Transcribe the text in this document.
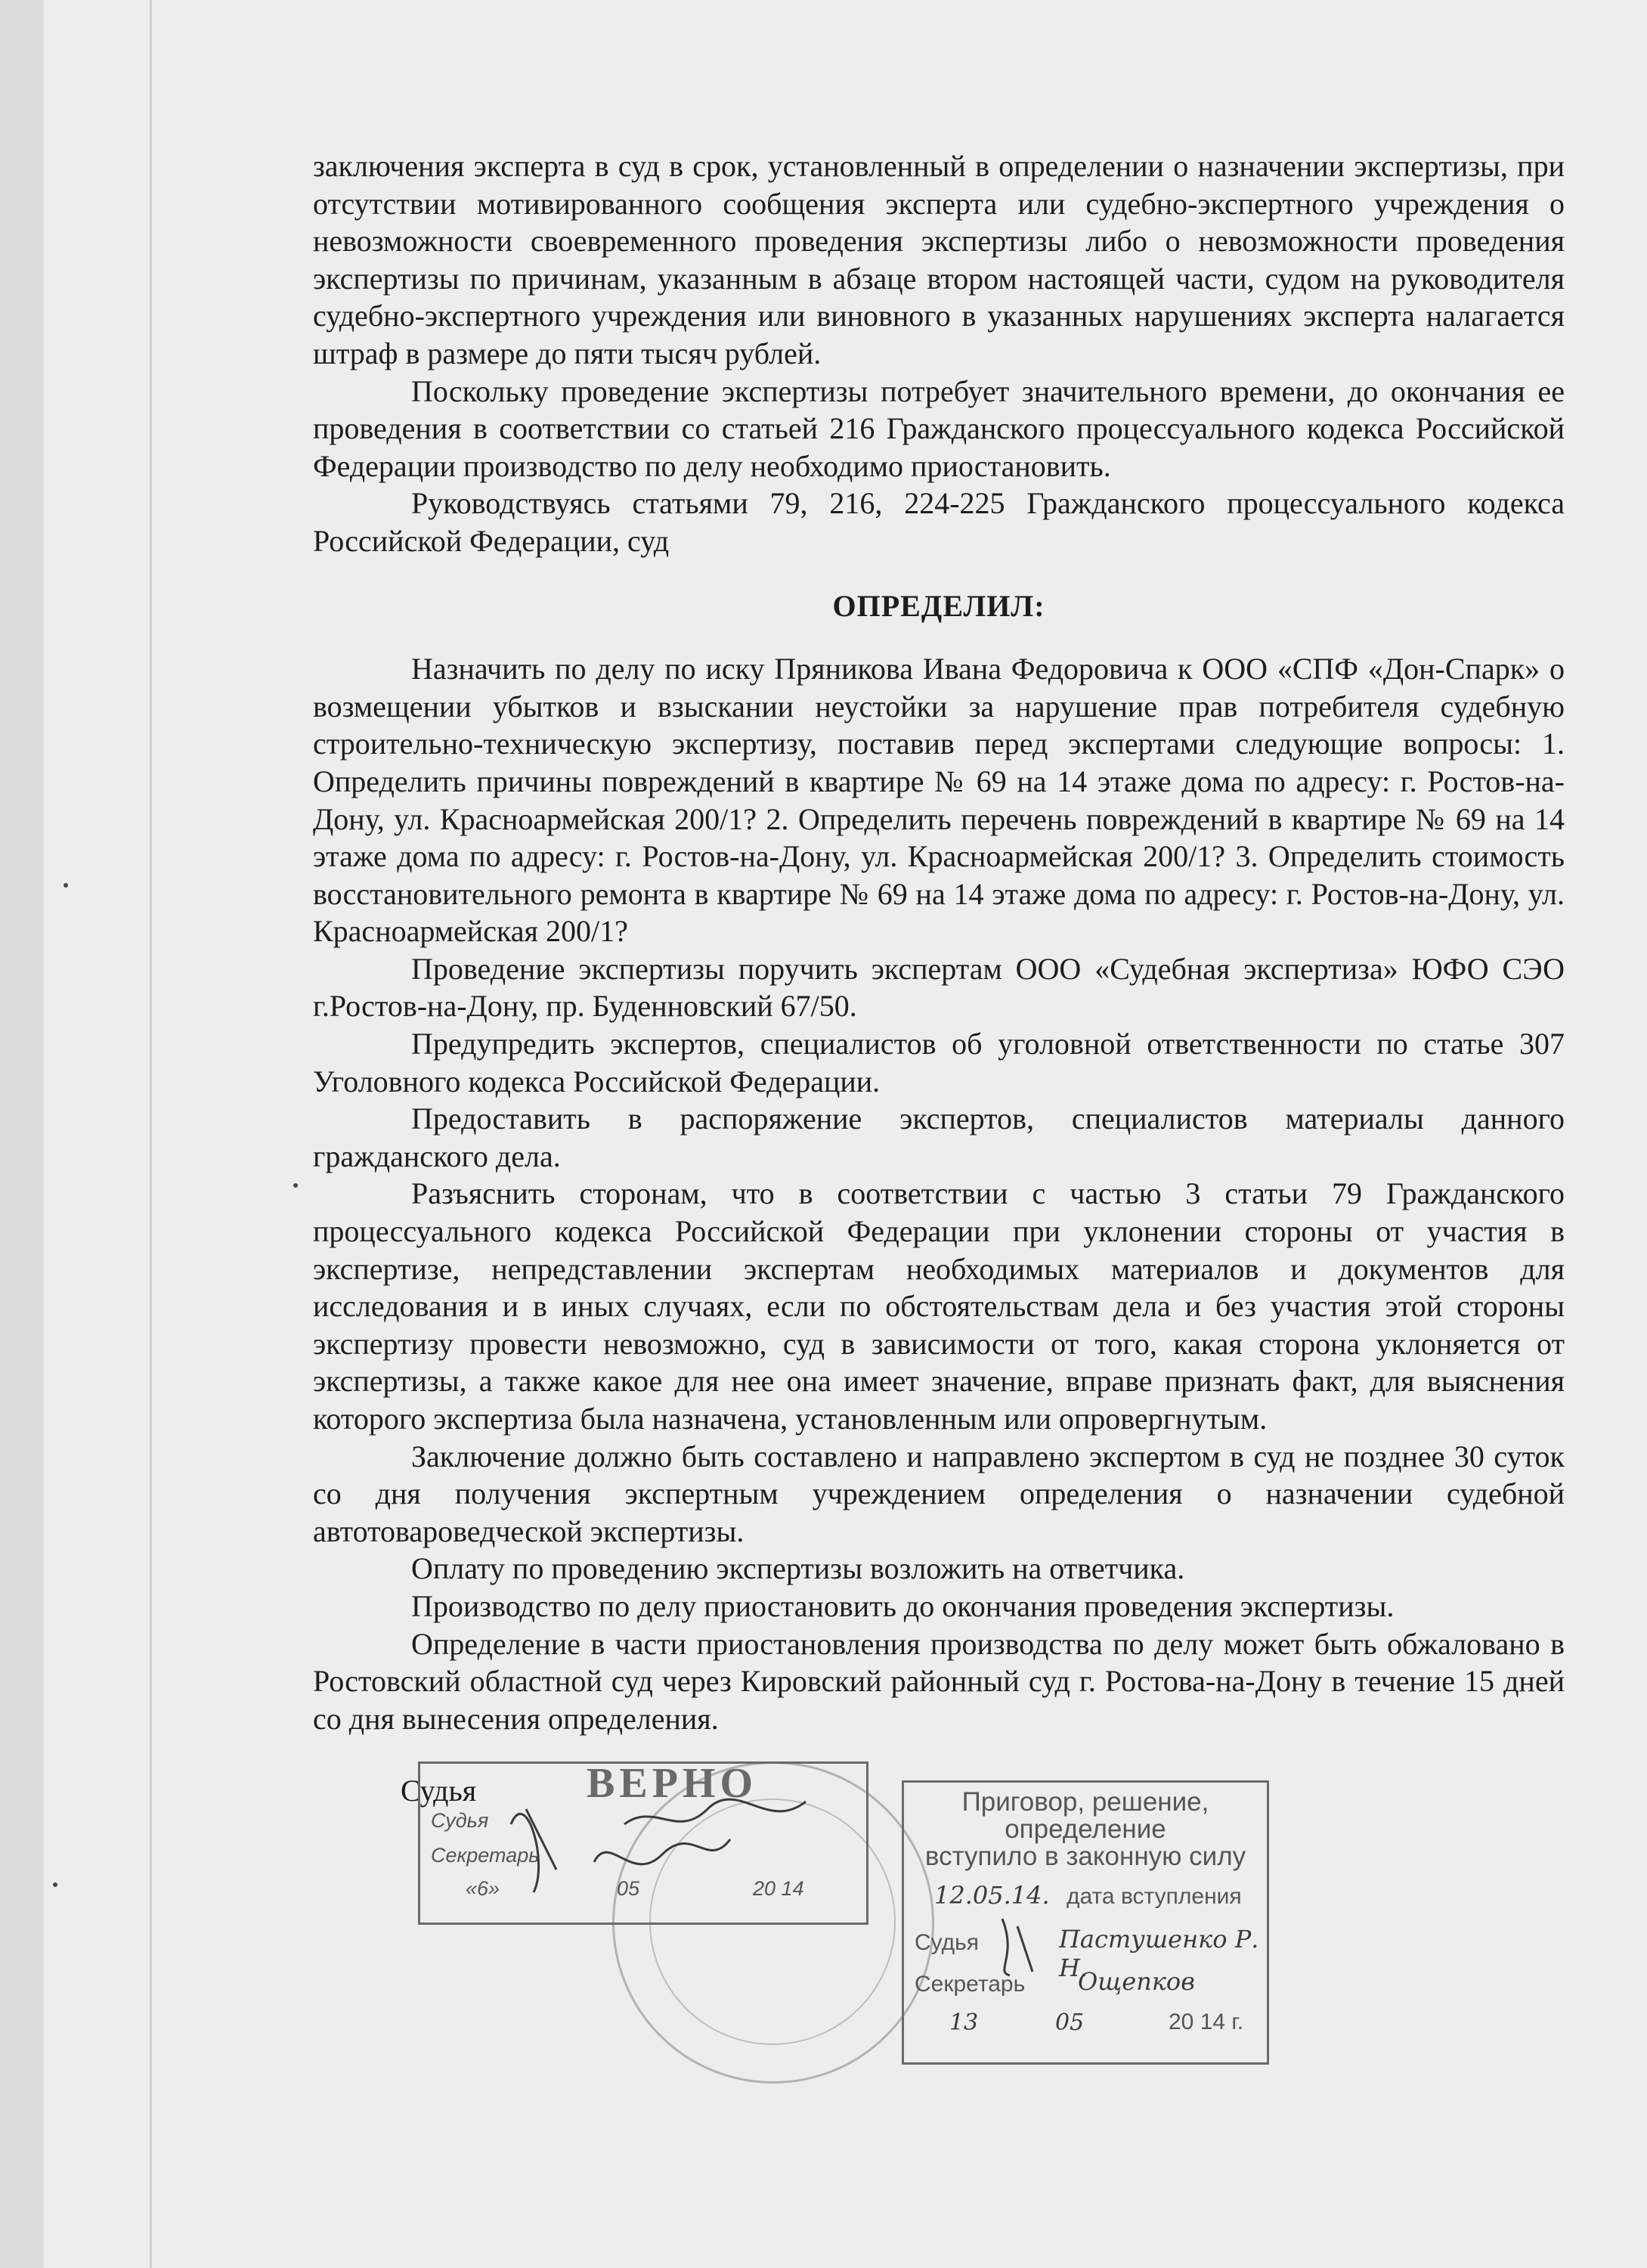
заключения эксперта в суд в срок, установленный в определении о назначении экспертизы, при отсутствии мотивированного сообщения эксперта или судебно-экспертного учреждения о невозможности своевременного проведения экспертизы либо о невозможности проведения экспертизы по причинам, указанным в абзаце втором настоящей части, судом на руководителя судебно-экспертного учреждения или виновного в указанных нарушениях эксперта налагается штраф в размере до пяти тысяч рублей.

Поскольку проведение экспертизы потребует значительного времени, до окончания ее проведения в соответствии со статьей 216 Гражданского процессуального кодекса Российской Федерации производство по делу необходимо приостановить.

Руководствуясь статьями 79, 216, 224-225 Гражданского процессуального кодекса Российской Федерации, суд

ОПРЕДЕЛИЛ:

Назначить по делу по иску Пряникова Ивана Федоровича к ООО «СПФ «Дон-Спарк» о возмещении убытков и взыскании неустойки за нарушение прав потребителя судебную строительно-техническую экспертизу, поставив перед экспертами следующие вопросы: 1. Определить причины повреждений в квартире № 69 на 14 этаже дома по адресу: г. Ростов-на-Дону, ул. Красноармейская 200/1? 2. Определить перечень повреждений в квартире № 69 на 14 этаже дома по адресу: г. Ростов-на-Дону, ул. Красноармейская 200/1? 3. Определить стоимость восстановительного ремонта в квартире № 69 на 14 этаже дома по адресу: г. Ростов-на-Дону, ул. Красноармейская 200/1?

Проведение экспертизы поручить экспертам ООО «Судебная экспертиза» ЮФО СЭО г.Ростов-на-Дону, пр. Буденновский 67/50.

Предупредить экспертов, специалистов об уголовной ответственности по статье 307 Уголовного кодекса Российской Федерации.

Предоставить в распоряжение экспертов, специалистов материалы данного гражданского дела.

Разъяснить сторонам, что в соответствии с частью 3 статьи 79 Гражданского процессуального кодекса Российской Федерации при уклонении стороны от участия в экспертизе, непредставлении экспертам необходимых материалов и документов для исследования и в иных случаях, если по обстоятельствам дела и без участия этой стороны экспертизу провести невозможно, суд в зависимости от того, какая сторона уклоняется от экспертизы, а также какое для нее она имеет значение, вправе признать факт, для выяснения которого экспертиза была назначена, установленным или опровергнутым.

Заключение должно быть составлено и направлено экспертом в суд не позднее 30 суток со дня получения экспертным учреждением определения о назначении судебной автотовароведческой экспертизы.

Оплату по проведению экспертизы возложить на ответчика.

Производство по делу приостановить до окончания проведения экспертизы.

Определение в части приостановления производства по делу может быть обжаловано в Ростовский областной суд через Кировский районный суд г. Ростова-на-Дону в течение 15 дней со дня вынесения определения.

Судья	ВЕРНО
Судья
Секретарь
«6»	05	20 14
Приговор, решение,
определение
вступило в законную силу
12.05.14. дата вступления
Судья	Пастушенко Р. Н.
Секретарь Ощепков
13	05	20 14 г.
